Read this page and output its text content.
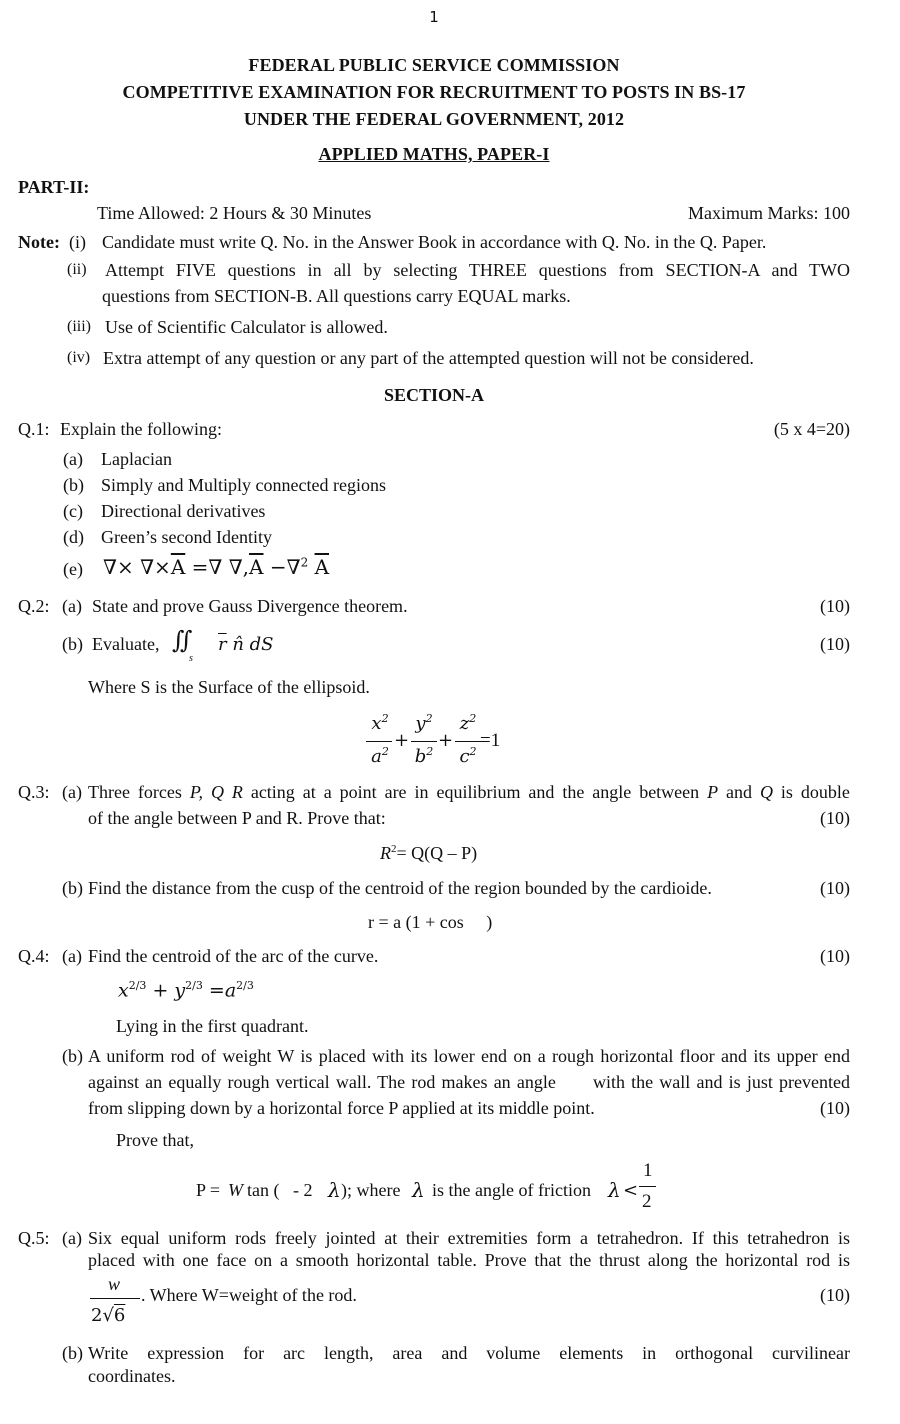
1
FEDERAL PUBLIC SERVICE COMMISSION
COMPETITIVE EXAMINATION FOR RECRUITMENT TO POSTS IN BS-17
UNDER THE FEDERAL GOVERNMENT, 2012
APPLIED MATHS, PAPER-I
PART-II:
Time Allowed: 2 Hours & 30 Minutes	Maximum Marks: 100
Note: (i) Candidate must write Q. No. in the Answer Book in accordance with Q. No. in the Q. Paper.
(ii) Attempt FIVE questions in all by selecting THREE questions from SECTION-A and TWO
questions from SECTION-B. All questions carry EQUAL marks.
(iii) Use of Scientific Calculator is allowed.
(iv) Extra attempt of any question or any part of the attempted question will not be considered.
SECTION-A
Q.1: Explain the following:	(5 x 4=20)
(a) Laplacian
(b) Simply and Multiply connected regions
(c) Directional derivatives
(d) Green’s second Identity
(e) ∇× $\nabla\times\overline{A}$ =∇ $\nabla,\overline{A} -\nabla^2$ $\overline{A}$
Q.2: (a) State and prove Gauss Divergence theorem.	(10)
(b) Evaluate, ∬
s
$\overline{r}$ n̂ dS	(10)
Where S is the Surface of the ellipsoid.
$x^2$
$a^2$
+
$y^2$
$b^2$
+
$z^2$
$c^2$
=1
Q.3: (a) Three forces P, Q R acting at a point are in equilibrium and the angle between P and Q is double
of the angle between P and R. Prove that:	(10)
$R^2= Q(Q - P)$
(b) Find the distance from the cusp of the centroid of the region bounded by the cardioide.	(10)
r = a (1 + cos     )
Q.4: (a) Find the centroid of the arc of the curve.	(10)
$x^{2/3} + y^{2/3} =a^{2/3}$
Lying in the first quadrant.
(b) A uniform rod of weight W is placed with its lower end on a rough horizontal floor and its upper end
against an equally rough vertical wall. The rod makes an angle      with the wall and is just prevented
from slipping down by a horizontal force P applied at its middle point.	(10)
Prove that,
P = W tan (   - 2 λ ); where λ is the angle of friction λ <
1
2
Q.5: (a) Six equal uniform rods freely jointed at their extremities form a tetrahedron. If this tetrahedron is
placed with one face on a smooth horizontal table. Prove that the thrust along the horizontal rod is
w
2√6
. Where W=weight of the rod.	(10)
(b) Write expression for arc length, area and volume elements in orthogonal curvilinear
coordinates.
